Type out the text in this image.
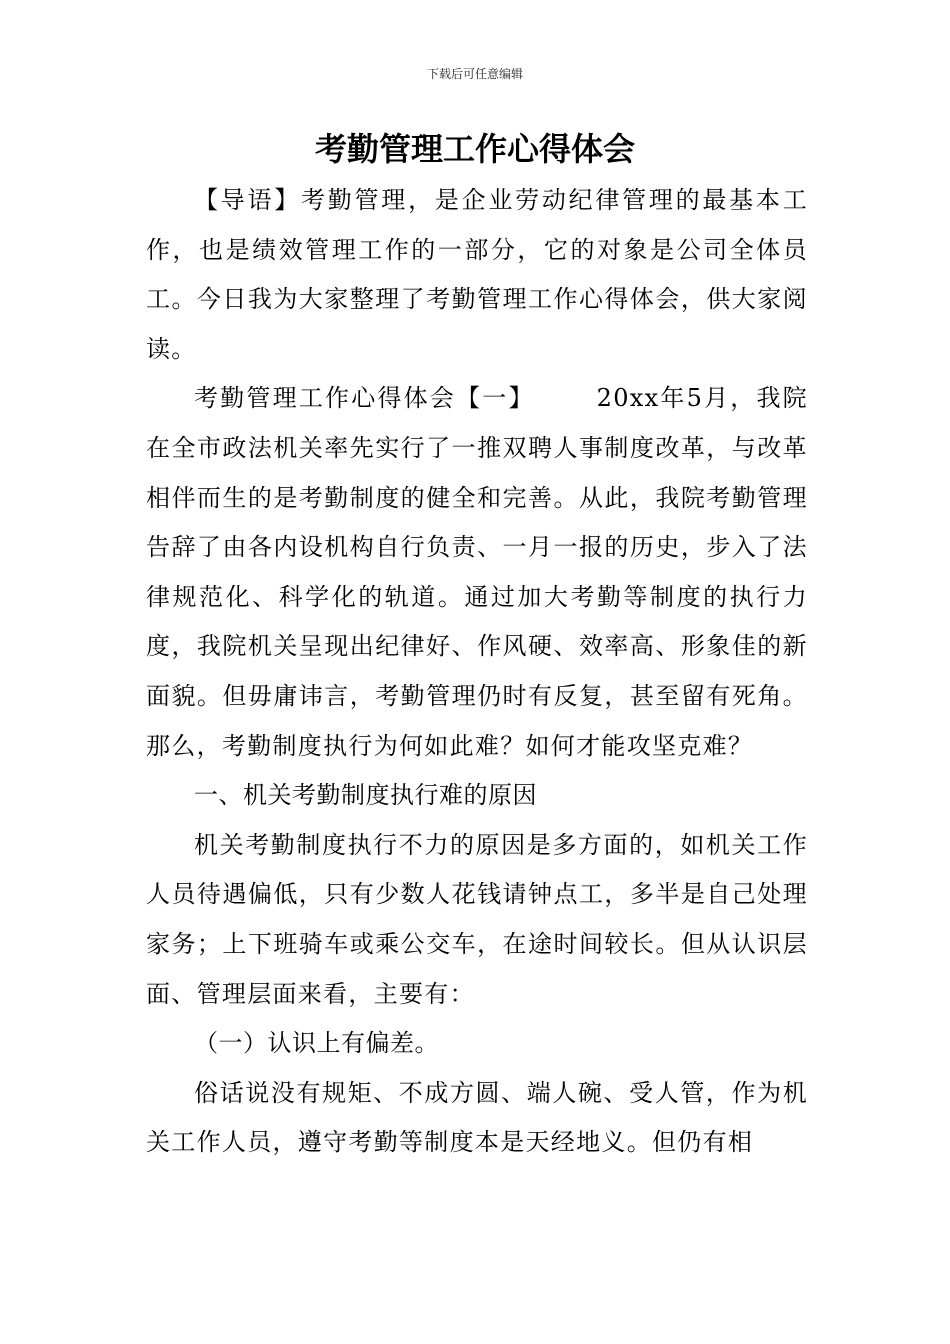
下载后可任意编辑
考勤管理工作心得体会

【导语】考勤管理，是企业劳动纪律管理的最基本工作，也是绩效管理工作的一部分，它的对象是公司全体员工。今日我为大家整理了考勤管理工作心得体会，供大家阅读。

考勤管理工作心得体会【一】	20xx年5月，我院在全市政法机关率先实行了一推双聘人事制度改革，与改革相伴而生的是考勤制度的健全和完善。从此，我院考勤管理告辞了由各内设机构自行负责、一月一报的历史，步入了法律规范化、科学化的轨道。通过加大考勤等制度的执行力度，我院机关呈现出纪律好、作风硬、效率高、形象佳的新面貌。但毋庸讳言，考勤管理仍时有反复，甚至留有死角。那么，考勤制度执行为何如此难？如何才能攻坚克难？

一、机关考勤制度执行难的原因

机关考勤制度执行不力的原因是多方面的，如机关工作人员待遇偏低，只有少数人花钱请钟点工，多半是自己处理家务；上下班骑车或乘公交车，在途时间较长。但从认识层面、管理层面来看，主要有：

（一）认识上有偏差。

俗话说没有规矩、不成方圆、端人碗、受人管，作为机关工作人员，遵守考勤等制度本是天经地义。但仍有相
